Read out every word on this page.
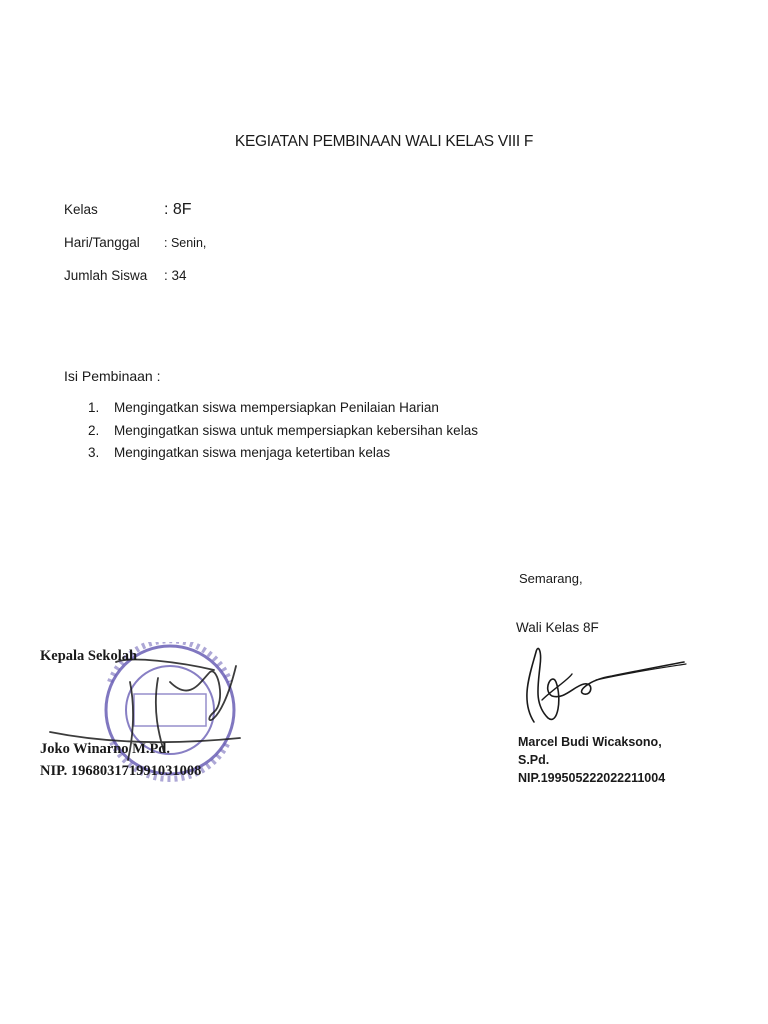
KEGIATAN PEMBINAAN WALI KELAS VIII F
Kelas	: 8F
Hari/Tanggal : Senin,
Jumlah Siswa : 34
Isi Pembinaan :
1. Mengingatkan siswa mempersiapkan Penilaian Harian
2. Mengingatkan siswa untuk mempersiapkan kebersihan kelas
3. Mengingatkan siswa menjaga ketertiban kelas
Semarang,
Wali Kelas 8F
Marcel Budi Wicaksono,
S.Pd.
NIP.199505222022211004
Kepala Sekolah
Joko Winarno M.Pd.
NIP. 196803171991031008
